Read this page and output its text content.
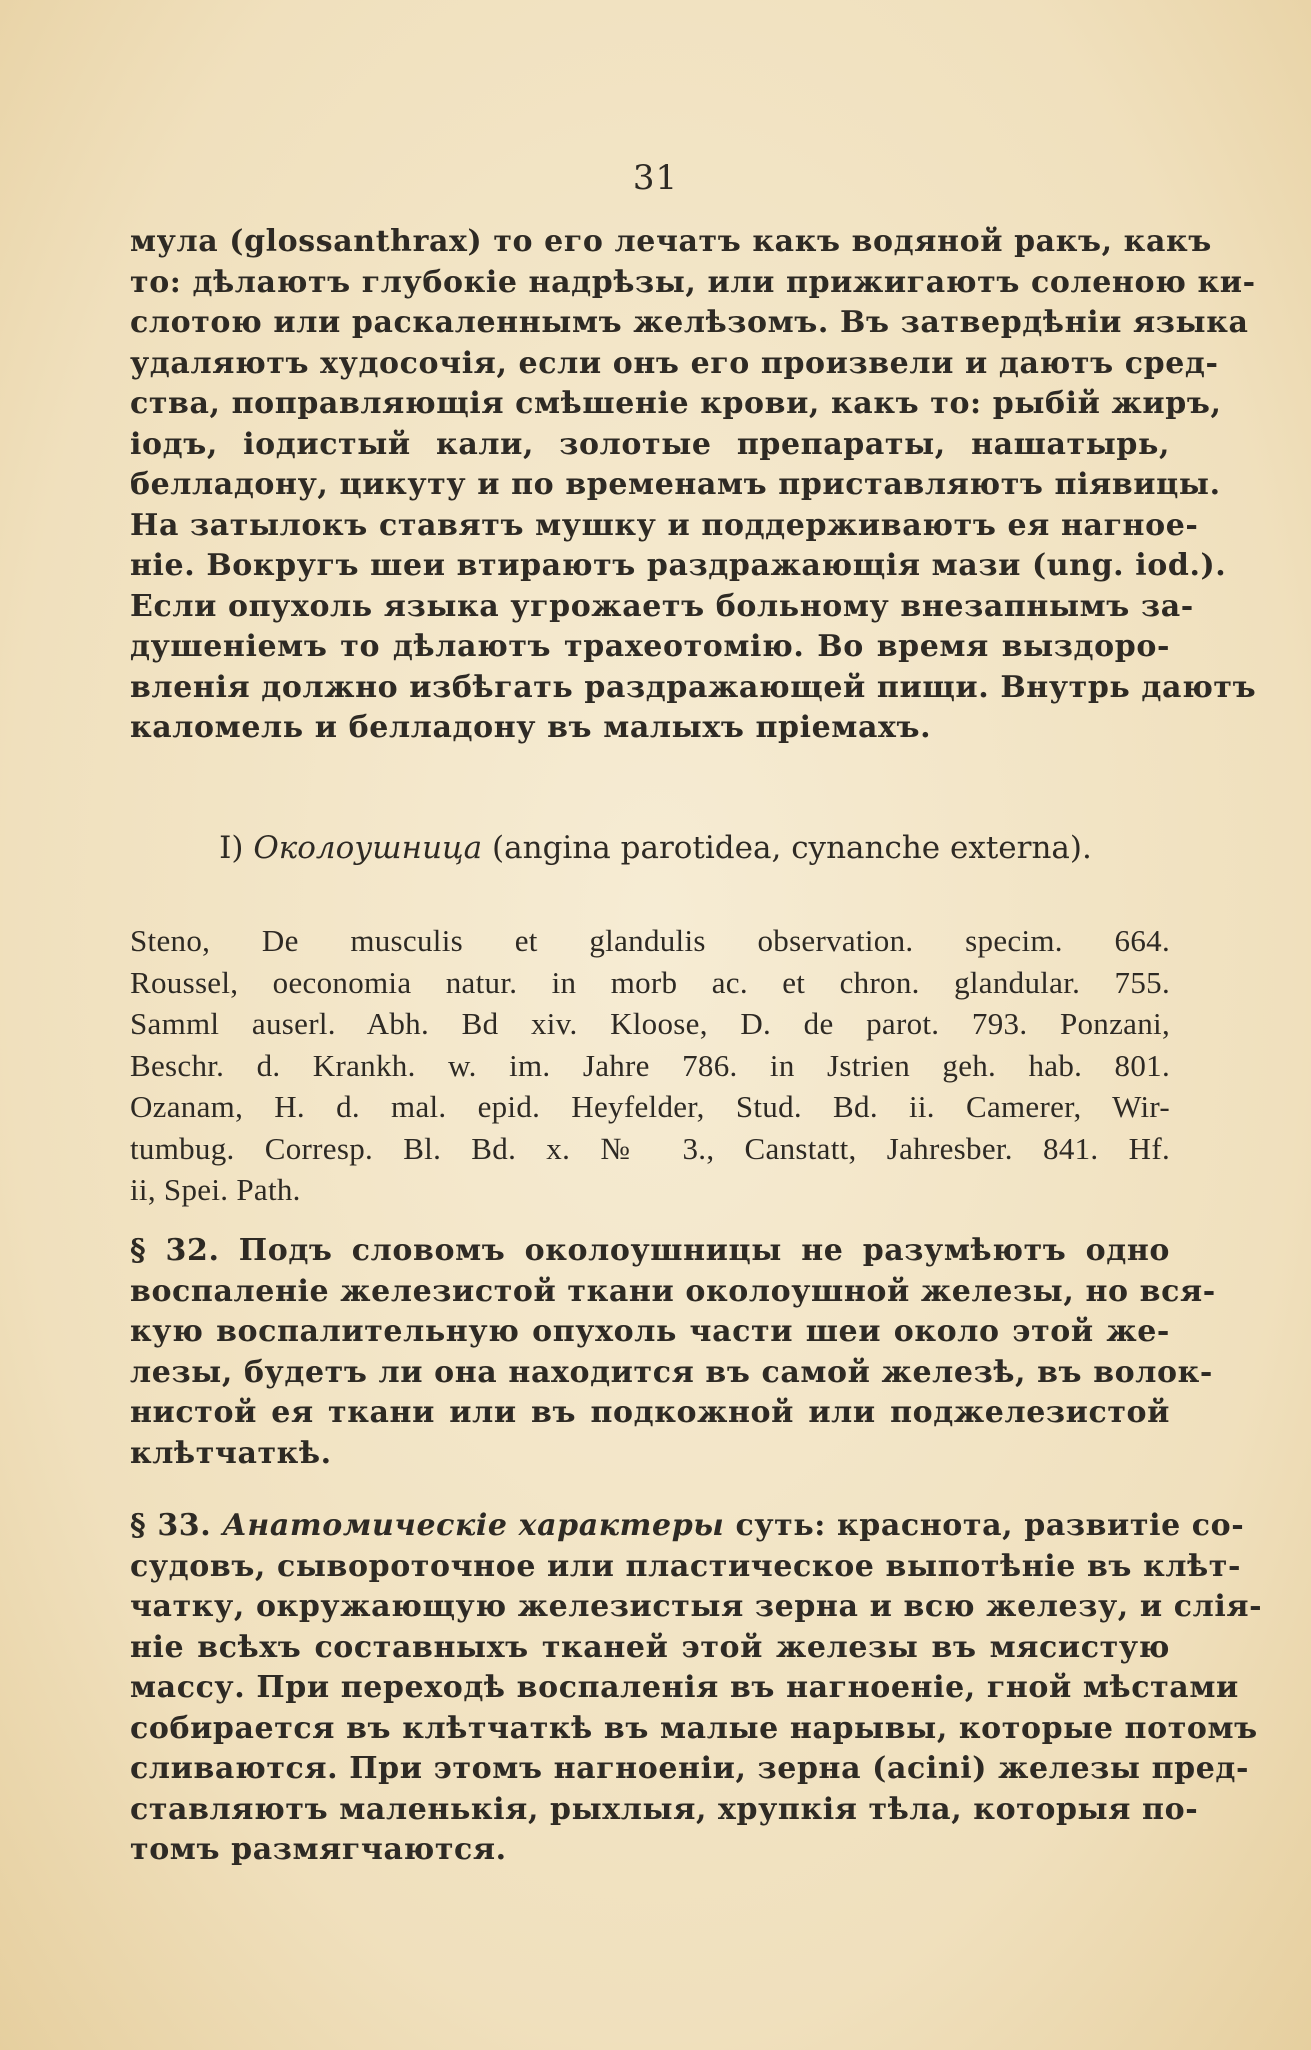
31
мула (glossanthrax) то его лечатъ какъ водяной ракъ, какъ
то: дѣлаютъ глубокіе надрѣзы, или прижигаютъ соленою ки-
слотою или раскаленнымъ желѣзомъ. Въ затвердѣніи языка
удаляютъ худосочія, если онъ его произвели и даютъ сред-
ства, поправляющія смѣшеніе крови, какъ то: рыбій жиръ,
іодъ, іодистый кали, золотые препараты, нашатырь,
белладону, цикуту и по временамъ приставляютъ піявицы.
На затылокъ ставятъ мушку и поддерживаютъ ея нагное-
ніе. Вокругъ шеи втираютъ раздражающія мази (ung. iod.).
Если опухоль языка угрожаетъ больному внезапнымъ за-
душеніемъ то дѣлаютъ трахеотомію. Во время выздоро-
вленія должно избѣгать раздражающей пищи. Внутрь даютъ
каломель и белладону въ малыхъ пріемахъ.
I) Околоушница (angina parotidea, cynanche externa).
Steno, De musculis et glandulis observation. specim. 664.
Roussel, oeconomia natur. in morb ac. et chron. glandular. 755.
Samml auserl. Abh. Bd xiv. Kloose, D. de parot. 793. Ponzani,
Beschr. d. Krankh. w. im. Jahre 786. in Jstrien geh. hab. 801.
Ozanam, H. d. mal. epid. Heyfelder, Stud. Bd. ii. Camerer, Wir-
tumbug. Corresp. Bl. Bd. x. № 3., Canstatt, Jahresber. 841. Hf.
ii, Spei. Path.
§ 32. Подъ словомъ околоушницы не разумѣютъ одно
воспаленіе железистой ткани околоушной железы, но вся-
кую воспалительную опухоль части шеи около этой же-
лезы, будетъ ли она находится въ самой железѣ, въ волок-
нистой ея ткани или въ подкожной или поджелезистой
клѣтчаткѣ.
§ 33. Анатомическіе характеры суть: краснота, развитіе со-
судовъ, сывороточное или пластическое выпотѣніе въ клѣт-
чатку, окружающую железистыя зерна и всю железу, и слія-
ніе всѣхъ составныхъ тканей этой железы въ мясистую
массу. При переходѣ воспаленія въ нагноеніе, гной мѣстами
собирается въ клѣтчаткѣ въ малые нарывы, которые потомъ
сливаются. При этомъ нагноеніи, зерна (acini) железы пред-
ставляютъ маленькія, рыхлыя, хрупкія тѣла, которыя по-
томъ размягчаются.
